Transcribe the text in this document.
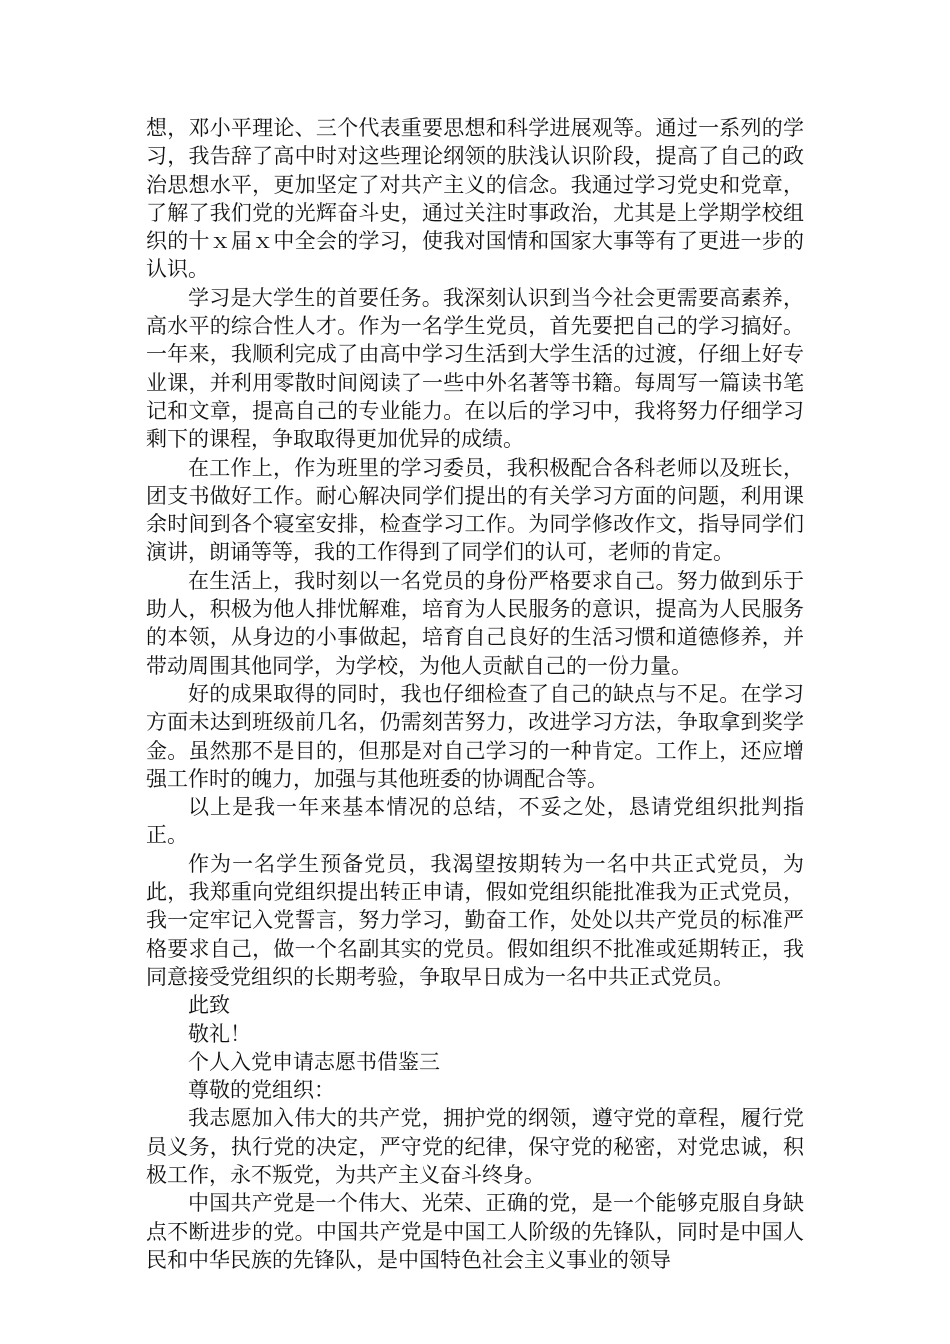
想，邓小平理论、三个代表重要思想和科学进展观等。通过一系列的学习，我告辞了高中时对这些理论纲领的肤浅认识阶段，提高了自己的政治思想水平，更加坚定了对共产主义的信念。我通过学习党史和党章，了解了我们党的光辉奋斗史，通过关注时事政治，尤其是上学期学校组织的十ｘ届ｘ中全会的学习，使我对国情和国家大事等有了更进一步的认识。

学习是大学生的首要任务。我深刻认识到当今社会更需要高素养，高水平的综合性人才。作为一名学生党员，首先要把自己的学习搞好。一年来，我顺利完成了由高中学习生活到大学生活的过渡，仔细上好专业课，并利用零散时间阅读了一些中外名著等书籍。每周写一篇读书笔记和文章，提高自己的专业能力。在以后的学习中，我将努力仔细学习剩下的课程，争取取得更加优异的成绩。

在工作上，作为班里的学习委员，我积极配合各科老师以及班长，团支书做好工作。耐心解决同学们提出的有关学习方面的问题，利用课余时间到各个寝室安排，检查学习工作。为同学修改作文，指导同学们演讲，朗诵等等，我的工作得到了同学们的认可，老师的肯定。

在生活上，我时刻以一名党员的身份严格要求自己。努力做到乐于助人，积极为他人排忧解难，培育为人民服务的意识，提高为人民服务的本领，从身边的小事做起，培育自己良好的生活习惯和道德修养，并带动周围其他同学，为学校，为他人贡献自己的一份力量。

好的成果取得的同时，我也仔细检查了自己的缺点与不足。在学习方面未达到班级前几名，仍需刻苦努力，改进学习方法，争取拿到奖学金。虽然那不是目的，但那是对自己学习的一种肯定。工作上，还应增强工作时的魄力，加强与其他班委的协调配合等。

以上是我一年来基本情况的总结，不妥之处，恳请党组织批判指正。

作为一名学生预备党员，我渴望按期转为一名中共正式党员，为此，我郑重向党组织提出转正申请，假如党组织能批准我为正式党员，我一定牢记入党誓言，努力学习，勤奋工作，处处以共产党员的标准严格要求自己，做一个名副其实的党员。假如组织不批准或延期转正，我同意接受党组织的长期考验，争取早日成为一名中共正式党员。

此致

敬礼！

个人入党申请志愿书借鉴三

尊敬的党组织：

我志愿加入伟大的共产党，拥护党的纲领，遵守党的章程，履行党员义务，执行党的决定，严守党的纪律，保守党的秘密，对党忠诚，积极工作，永不叛党，为共产主义奋斗终身。

中国共产党是一个伟大、光荣、正确的党，是一个能够克服自身缺点不断进步的党。中国共产党是中国工人阶级的先锋队，同时是中国人民和中华民族的先锋队，是中国特色社会主义事业的领导
